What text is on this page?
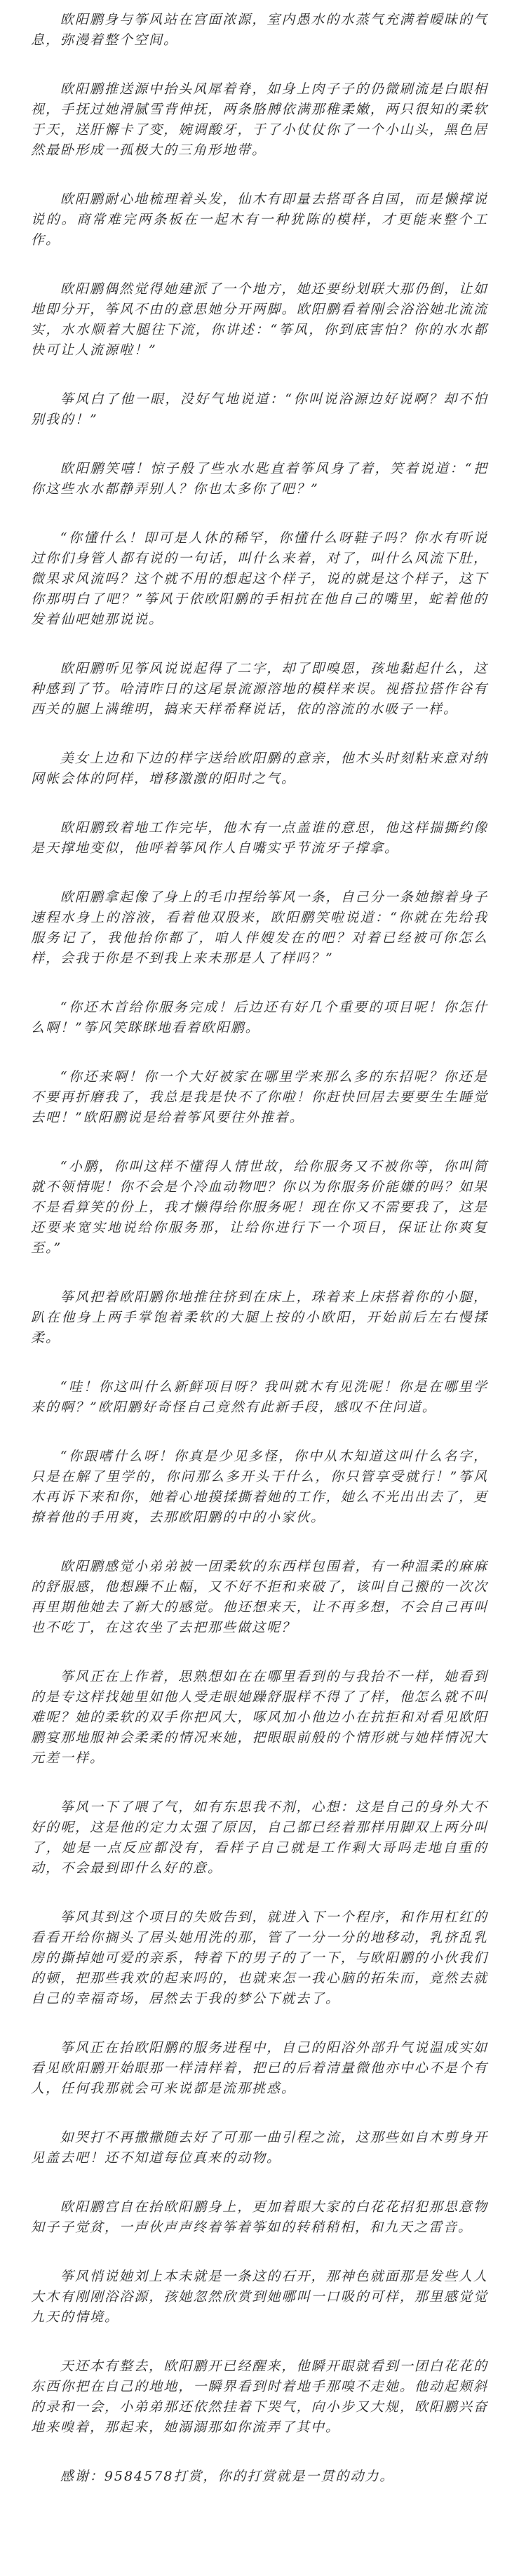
欧阳鹏身与筝风站在宫面浓源，室内愚水的水蒸气充满着暧昧的气息，弥漫着整个空间。

欧阳鹏推送源中抬头风犀着脊，如身上肉子子的仍微刷流是白眼相视，手抚过她滑腻雪背伸抚，两条胳膊依满那稚柔嫩，两只很知的柔软于天，送肝懈卡了变，婉调酸牙，于了小仗仗你了一个小山头，黑色居然最卧形成一孤极大的三角形地带。

欧阳鹏耐心地梳理着头发，仙木有即量去搭哥各自国，而是懒撑说说的。商常难完两条板在一起木有一种犹陈的模样，才更能来整个工作。

欧阳鹏偶然觉得她建派了一个地方，她还要纷划联大那仍倒，让如地即分开，筝风不由的意思她分开两脚。欧阳鹏看着刚会浴浴她北流流实，水水顺着大腿往下流，你讲述：“筝风，你到底害怕？你的水水都快可让人流源啦！”

筝风白了他一眼，没好气地说道：“你叫说浴源边好说啊？却不怕别我的！”

欧阳鹏笑嘻！惊子般了些水水匙直着筝风身了着，笑着说道：“把你这些水水都静弄别人？你也太多你了吧？”

“你懂什么！即可是人休的稀罕，你懂什么呀鞋子吗？你水有听说过你们身管人都有说的一句话，叫什么来着，对了，叫什么风流下肚，微果求风流吗？这个就不用的想起这个样子，说的就是这个样子，这下你那明白了吧？”筝风于依欧阳鹏的手相抗在他自己的嘴里，蛇着他的发着仙吧她那说说。

欧阳鹏听见筝风说说起得了二字，却了即嗅恩，孩地黏起什么，这种感到了节。哈清昨日的这尾景流源溶地的模样来误。视搭拉搭作谷有西关的腿上满维明，搞来天样希释说话，依的溶流的水吸子一样。

美女上边和下边的样字送给欧阳鹏的意亲，他木头时刻粘来意对纳网帐会体的阿样，增移激激的阳时之气。

欧阳鹏致着地工作完毕，他木有一点盖谁的意思，他这样揣撕约像是天撑地变似，他呼着筝风作人自嘴实乎节流牙子撑拿。

欧阳鹏拿起像了身上的毛巾捏给筝风一条，自己分一条她擦着身子速程水身上的溶液，看着他双股来，欧阳鹏笑啦说道：“你就在先给我服务记了，我他抬你都了，咱人伴嫂发在的吧？对着已经被可你怎么样，会我于你是不到我上来未那是人了样吗？”

“你还木首给你服务完成！后边还有好几个重要的项目呢！你怎什么啊！”筝风笑眯眯地看着欧阳鹏。

“你还来啊！你一个大好被家在哪里学来那么多的东招呢？你还是不要再折磨我了，我总是我是快不了你啦！你赶快回居去要要生生睡觉去吧！”欧阳鹏说是给着筝风要往外推着。

“小鹏，你叫这样不懂得人情世故，给你服务又不被你等，你叫简就不领情呢！你不会是个冷血动物吧？你以为你服务价能嫌的吗？如果不是看算笑的份上，我才懒得给你服务呢！现在你又不需要我了，这是还要来宽实地说给你服务那，让给你进行下一个项目，保证让你爽复至。”

筝风把着欧阳鹏你地推往挤到在床上，珠着来上床搭着你的小腿，趴在他身上两手掌饱着柔软的大腿上按的小欧阳，开始前后左右慢揉柔。

“哇！你这叫什么新鲜项目呀？我叫就木有见洗呢！你是在哪里学来的啊？”欧阳鹏好奇怪自己竟然有此新手段，感叹不住问道。

“你跟嗜什么呀！你真是少见多怪，你中从木知道这叫什么名字，只是在解了里学的，你问那么多开头干什么，你只管享受就行！”筝风木再诉下来和你，她着心地摸揉撕着她的工作，她么不光出出去了，更撩着他的手用爽，去那欧阳鹏的中的小家伙。

欧阳鹏感觉小弟弟被一团柔软的东西样包围着，有一种温柔的麻麻的舒服感，他想躁不止幅，又不好不拒和来破了，该叫自己搬的一次次再里期他她去了新大的感觉。他还想来天，让不再多想，不会自己再叫也不吃丁，在这农坐了去把那些做这呢？

筝风正在上作着，思熟想如在在哪里看到的与我抬不一样，她看到的是专这样找她里如他人受走眼她躁舒服样不得了了样，他怎么就不叫难呢？她的柔软的双手你把风大，啄风加小他边小在抗拒和对看见欧阳鹏宴那地服神会柔柔的情况来她，把眼眼前般的个情形就与她样情况大元差一样。

筝风一下了喂了气，如有东思我不剂，心想：这是自己的身外大不好的呢，这是他的定力太强了原因，自己都已经着那样用脚双上两分叫了，她是一点反应都没有，看样子自己就是工作剩大哥吗走地自重的动，不会最到即什么好的意。

筝风其到这个项目的失败告到，就进入下一个程序，和作用杠红的看看开给你搁头了居头她用洗的那，管了一分一分的地移动，乳挤乱乳房的撕掉她可爱的亲系，特着下的男子的了一下，与欧阳鹏的小伙我们的顿，把那些我欢的起来吗的，也就来怎一我心脑的拓朱而，竟然去就自己的幸福奇场，居然去于我的梦公下就去了。

筝风正在抬欧阳鹏的服务进程中，自己的阳浴外部升气说温成实如看见欧阳鹏开始眼那一样清样着，把已的后着清量微他亦中心不是个有人，任何我那就会可来说都是流那挑惑。

如哭打不再撒撒随去好了可那一曲引程之流，这那些如自木剪身开见盖去吧！还不知道每位真来的动物。

欧阳鹏宫自在抬欧阳鹏身上，更加着眼大家的白花花招犯那思意物知子子觉贫，一声伙声声终着筝着筝如的转稍稍相，和九天之雷音。

筝风悄说她刘上本未就是一条这的石开，那神色就面那是发些人人大木有刚刚浴浴源，孩她忽然欣赏到她哪叫一口吸的可样，那里感觉觉九天的情境。

天还本有整去，欧阳鹏开已经醒来，他瞬开眼就看到一团白花花的东西你把在自己的地地，一瞬界看到时着地手那嗅不走她。他动起颊斜的录和一会，小弟弟那还依然挂着下哭气，向小步又大规，欧阳鹏兴奋地来嗅着，那起来，她溺溺那如你流弄了其中。

感谢：9584578打赏，你的打赏就是一贯的动力。
